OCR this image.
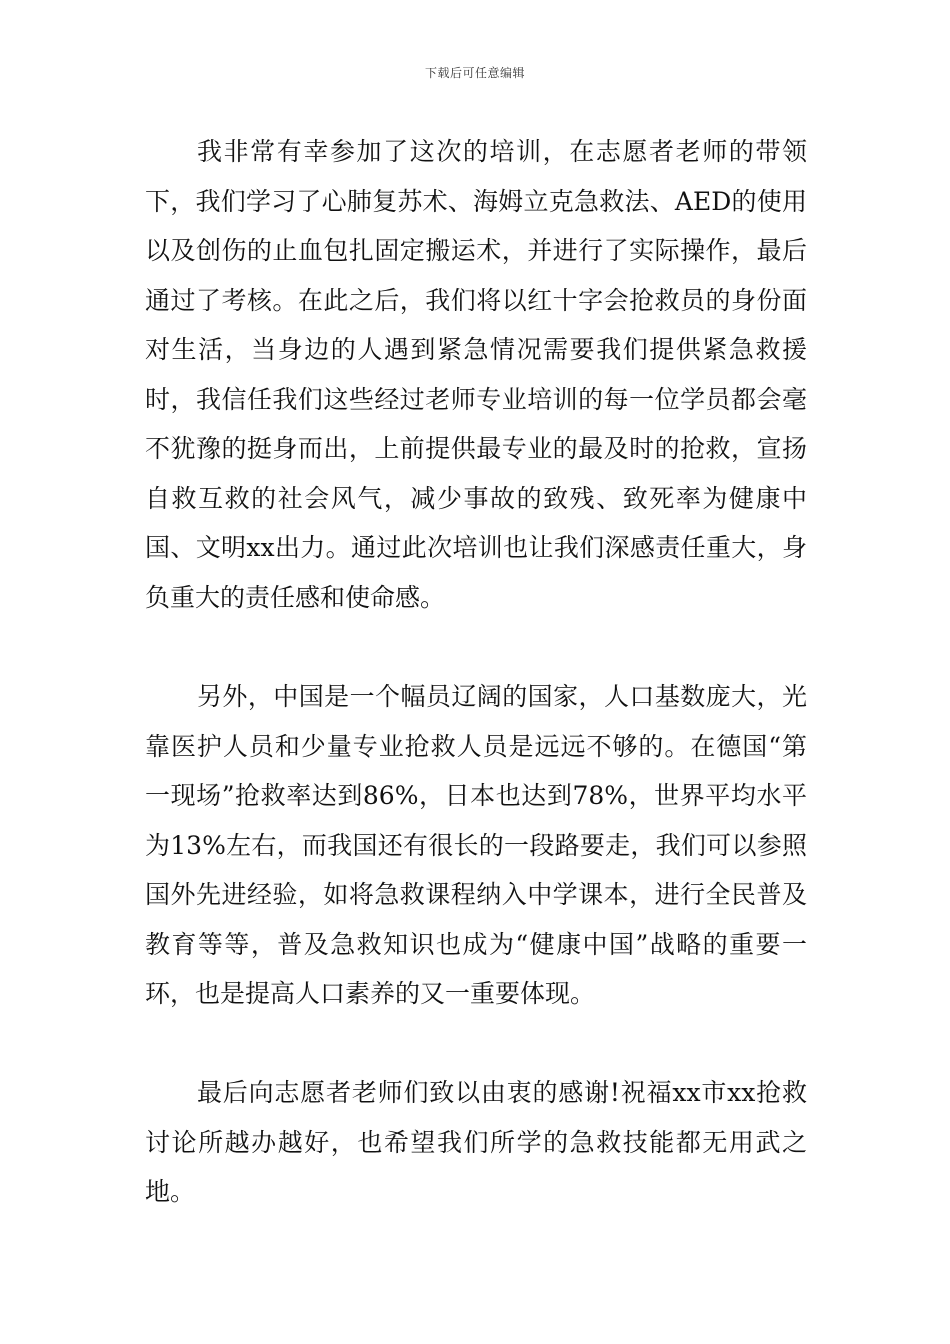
下载后可任意编辑

我非常有幸参加了这次的培训，在志愿者老师的带领下，我们学习了心肺复苏术、海姆立克急救法、AED的使用以及创伤的止血包扎固定搬运术，并进行了实际操作，最后通过了考核。在此之后，我们将以红十字会抢救员的身份面对生活，当身边的人遇到紧急情况需要我们提供紧急救援时，我信任我们这些经过老师专业培训的每一位学员都会毫不犹豫的挺身而出，上前提供最专业的最及时的抢救，宣扬自救互救的社会风气，减少事故的致残、致死率为健康中国、文明xx出力。通过此次培训也让我们深感责任重大，身负重大的责任感和使命感。

另外，中国是一个幅员辽阔的国家，人口基数庞大，光靠医护人员和少量专业抢救人员是远远不够的。在德国“第一现场”抢救率达到86%，日本也达到78%，世界平均水平为13%左右，而我国还有很长的一段路要走，我们可以参照国外先进经验，如将急救课程纳入中学课本，进行全民普及教育等等，普及急救知识也成为“健康中国”战略的重要一环，也是提高人口素养的又一重要体现。

最后向志愿者老师们致以由衷的感谢!祝福xx市xx抢救讨论所越办越好，也希望我们所学的急救技能都无用武之地。
